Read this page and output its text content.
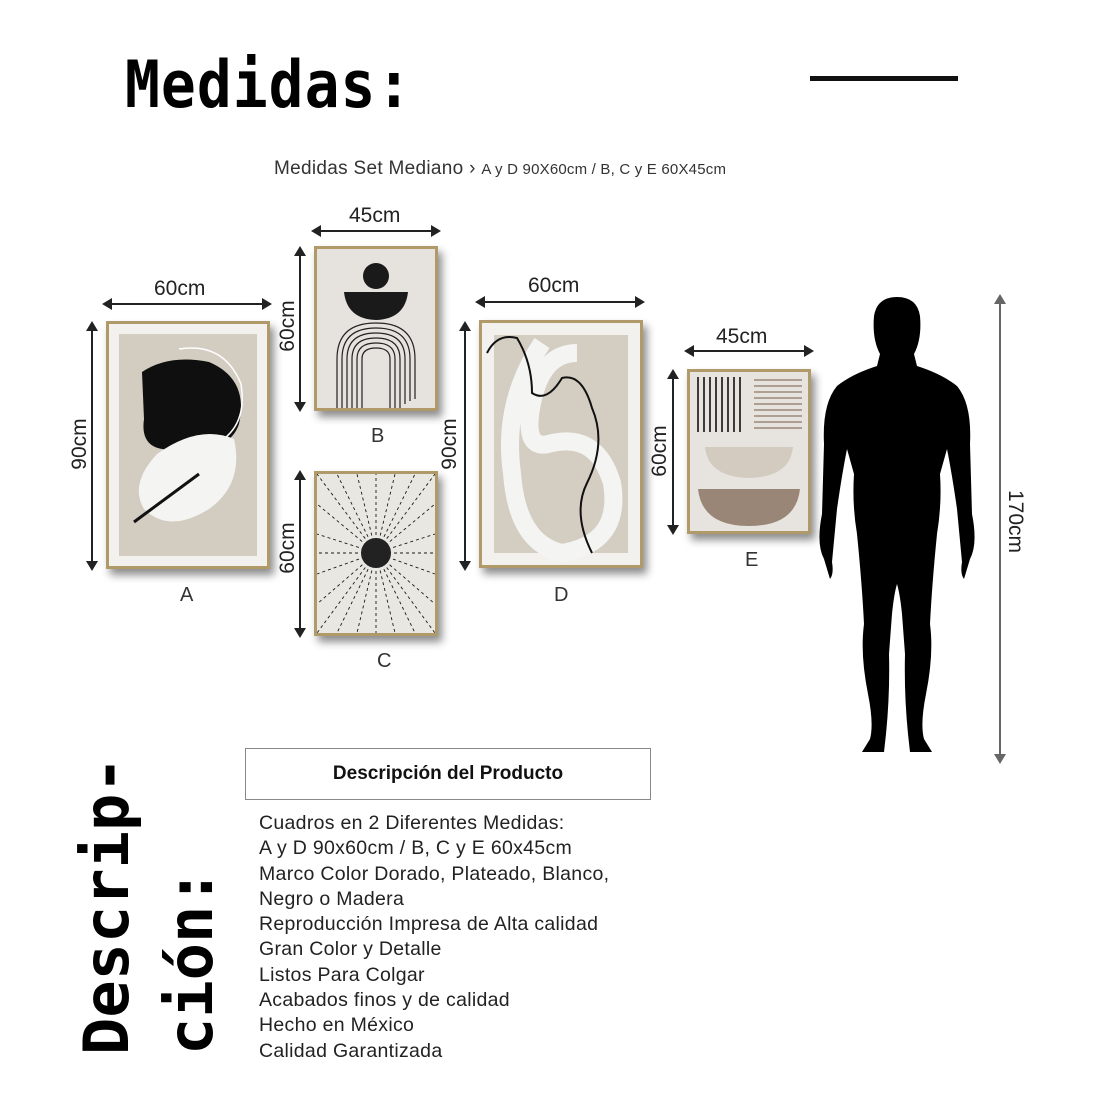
Medidas:
Medidas Set Mediano › A y D 90X60cm / B, C y E 60X45cm
60cm
90cm
A
45cm
60cm
B
60cm
C
60cm
90cm
D
45cm
60cm
E
170cm
Descrip- ción:
Descripción del Producto
Cuadros en 2 Diferentes Medidas:
A y D 90x60cm / B, C y E 60x45cm
Marco Color Dorado, Plateado, Blanco,
Negro o Madera
Reproducción Impresa de Alta calidad
Gran Color y Detalle
Listos Para Colgar
Acabados finos y de calidad
Hecho en México
Calidad Garantizada
